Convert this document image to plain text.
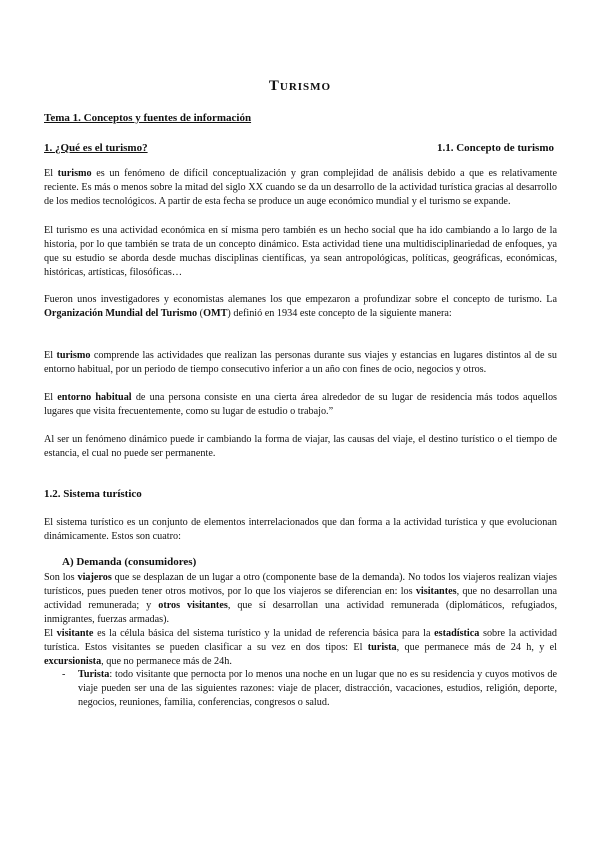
Turismo
Tema 1. Conceptos y fuentes de información
1. ¿Qué es el turismo?	1.1. Concepto de turismo
El turismo es un fenómeno de difícil conceptualización y gran complejidad de análisis debido a que es relativamente reciente. Es más o menos sobre la mitad del siglo XX cuando se da un desarrollo de la actividad turística gracias al desarrollo de los medios tecnológicos. A partir de esta fecha se produce un auge económico mundial y el turismo se expande.
El turismo es una actividad económica en sí misma pero también es un hecho social que ha ido cambiando a lo largo de la historia, por lo que también se trata de un concepto dinámico. Esta actividad tiene una multidisciplinariedad de enfoques, ya que su estudio se aborda desde muchas disciplinas científicas, ya sean antropológicas, políticas, geográficas, económicas, históricas, artísticas, filosóficas…
Fueron unos investigadores y economistas alemanes los que empezaron a profundizar sobre el concepto de turismo. La Organización Mundial del Turismo (OMT) definió en 1934 este concepto de la siguiente manera:
El turismo comprende las actividades que realizan las personas durante sus viajes y estancias en lugares distintos al de su entorno habitual, por un periodo de tiempo consecutivo inferior a un año con fines de ocio, negocios y otros.
El entorno habitual de una persona consiste en una cierta área alrededor de su lugar de residencia más todos aquellos lugares que visita frecuentemente, como su lugar de estudio o trabajo.”
Al ser un fenómeno dinámico puede ir cambiando la forma de viajar, las causas del viaje, el destino turístico o el tiempo de estancia, el cual no puede ser permanente.
1.2. Sistema turístico
El sistema turístico es un conjunto de elementos interrelacionados que dan forma a la actividad turística y que evolucionan dinámicamente. Estos son cuatro:
A) Demanda (consumidores)
Son los viajeros que se desplazan de un lugar a otro (componente base de la demanda). No todos los viajeros realizan viajes turísticos, pues pueden tener otros motivos, por lo que los viajeros se diferencian en: los visitantes, que no desarrollan una actividad remunerada; y otros visitantes, que sí desarrollan una actividad remunerada (diplomáticos, refugiados, inmigrantes, fuerzas armadas).
El visitante es la célula básica del sistema turístico y la unidad de referencia básica para la estadística sobre la actividad turística. Estos visitantes se pueden clasificar a su vez en dos tipos: El turista, que permanece más de 24 h, y el excursionista, que no permanece más de 24h.
- Turista: todo visitante que pernocta por lo menos una noche en un lugar que no es su residencia y cuyos motivos de viaje pueden ser una de las siguientes razones: viaje de placer, distracción, vacaciones, estudios, religión, deporte, negocios, reuniones, familia, conferencias, congresos o salud.
